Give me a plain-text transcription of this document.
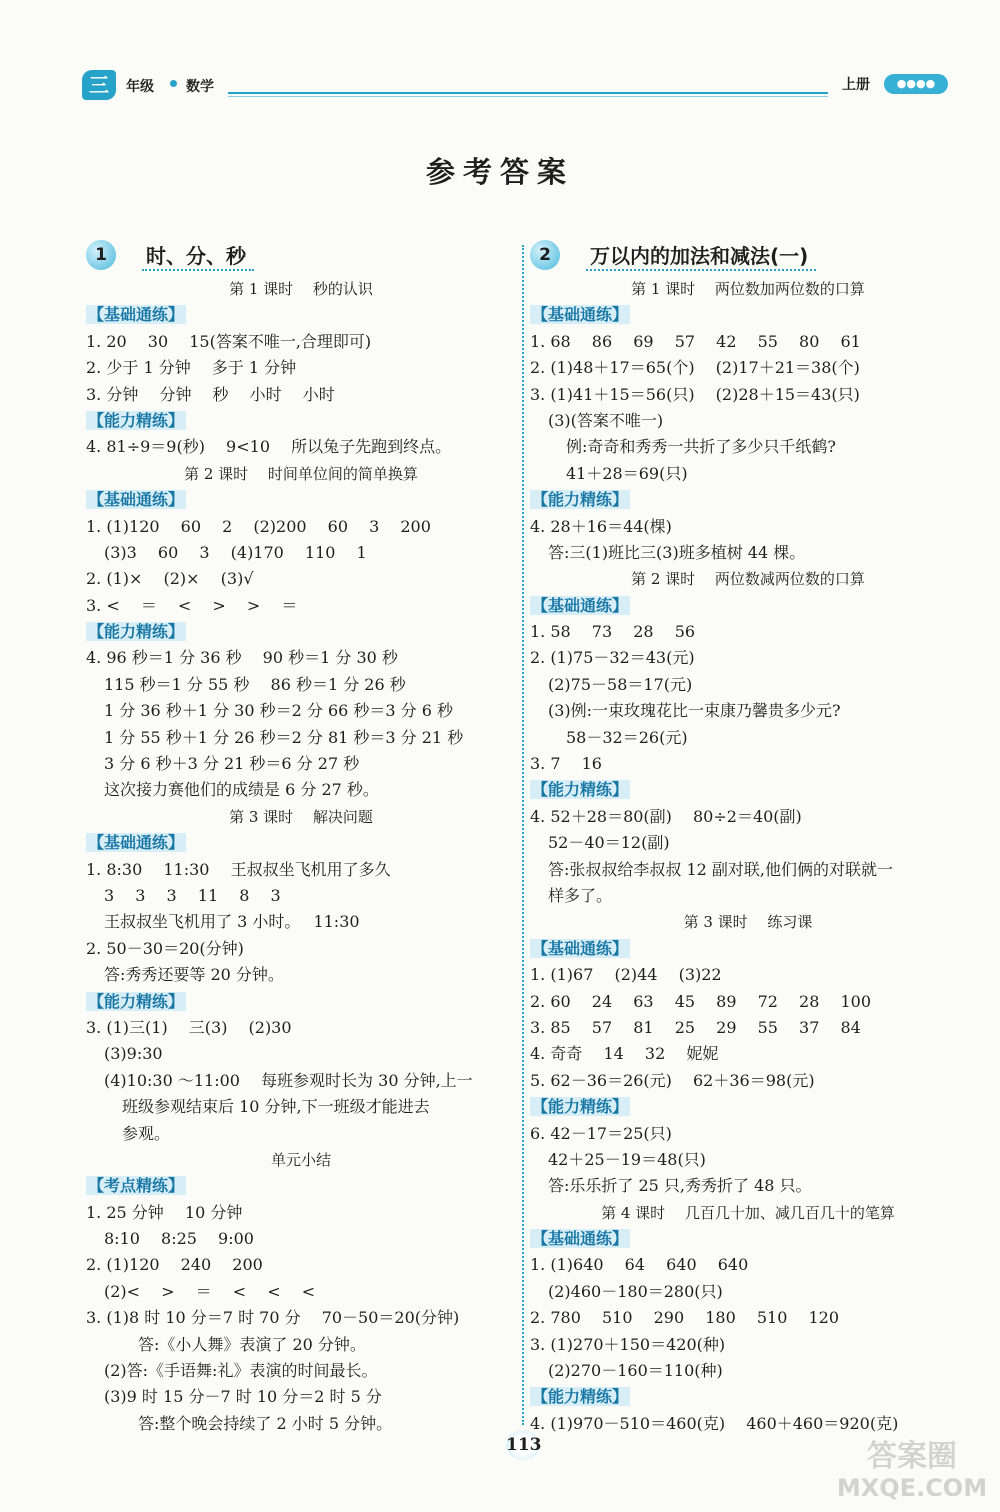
三	年级 数学	上册	●●●●
参考答案
1	时、分、秒
第 1 课时　 秒的认识
【基础通练】
1. 20　 30　 15(答案不唯一,合理即可)
2. 少于 1 分钟　 多于 1 分钟
3. 分钟　 分钟　 秒　 小时　 小时
【能力精练】
4. 81÷9＝9(秒)　 9<10　 所以兔子先跑到终点。
第 2 课时　 时间单位间的简单换算
【基础通练】
1. (1)120　 60　 2　 (2)200　 60　 3　 200
(3)3　 60　 3　 (4)170　 110　 1
2. (1)×　 (2)×　 (3)√
3. <　 ＝　 <　 >　 >　 ＝
【能力精练】
4. 96 秒＝1 分 36 秒　 90 秒＝1 分 30 秒
115 秒＝1 分 55 秒　 86 秒＝1 分 26 秒
1 分 36 秒＋1 分 30 秒＝2 分 66 秒＝3 分 6 秒
1 分 55 秒＋1 分 26 秒＝2 分 81 秒＝3 分 21 秒
3 分 6 秒＋3 分 21 秒＝6 分 27 秒
这次接力赛他们的成绩是 6 分 27 秒。
第 3 课时　 解决问题
【基础通练】
1. 8:30　 11:30　 王叔叔坐飞机用了多久
3　 3　 3　 11　 8　 3
王叔叔坐飞机用了 3 小时。　 11:30
2. 50－30＝20(分钟)
答:秀秀还要等 20 分钟。
【能力精练】
3. (1)三(1)　 三(3)　 (2)30
(3)9:30
(4)10:30 ～11:00　 每班参观时长为 30 分钟,上一
班级参观结束后 10 分钟,下一班级才能进去
参观。
单元小结
【考点精练】
1. 25 分钟　 10 分钟
8:10　 8:25　 9:00
2. (1)120　 240　 200
(2)<　 >　 ＝　 <　 <　 <
3. (1)8 时 10 分＝7 时 70 分　 70－50＝20(分钟)
答:《小人舞》表演了 20 分钟。
(2)答:《手语舞:礼》表演的时间最长。
(3)9 时 15 分－7 时 10 分＝2 时 5 分
答:整个晚会持续了 2 小时 5 分钟。
2	万以内的加法和减法(一)
第 1 课时　 两位数加两位数的口算
【基础通练】
1. 68　 86　 69　 57　 42　 55　 80　 61
2. (1)48＋17＝65(个)　 (2)17＋21＝38(个)
3. (1)41＋15＝56(只)　 (2)28＋15＝43(只)
(3)(答案不唯一)
例:奇奇和秀秀一共折了多少只千纸鹤?
41＋28＝69(只)
【能力精练】
4. 28＋16＝44(棵)
答:三(1)班比三(3)班多植树 44 棵。
第 2 课时　 两位数减两位数的口算
【基础通练】
1. 58　 73　 28　 56
2. (1)75－32＝43(元)
(2)75－58＝17(元)
(3)例:一束玫瑰花比一束康乃馨贵多少元?
58－32＝26(元)
3. 7　 16
【能力精练】
4. 52＋28＝80(副)　 80÷2＝40(副)
52－40＝12(副)
答:张叔叔给李叔叔 12 副对联,他们俩的对联就一
样多了。
第 3 课时　 练习课
【基础通练】
1. (1)67　 (2)44　 (3)22
2. 60　 24　 63　 45　 89　 72　 28　 100
3. 85　 57　 81　 25　 29　 55　 37　 84
4. 奇奇　 14　 32　 妮妮
5. 62－36＝26(元)　 62＋36＝98(元)
【能力精练】
6. 42－17＝25(只)
42＋25－19＝48(只)
答:乐乐折了 25 只,秀秀折了 48 只。
第 4 课时　 几百几十加、减几百几十的笔算
【基础通练】
1. (1)640　 64　 640　 640
(2)460－180＝280(只)
2. 780　 510　 290　 180　 510　 120
3. (1)270＋150＝420(种)
(2)270－160＝110(种)
【能力精练】
4. (1)970－510＝460(克)　 460＋460＝920(克)
113	答案圈
MXQE.COM
